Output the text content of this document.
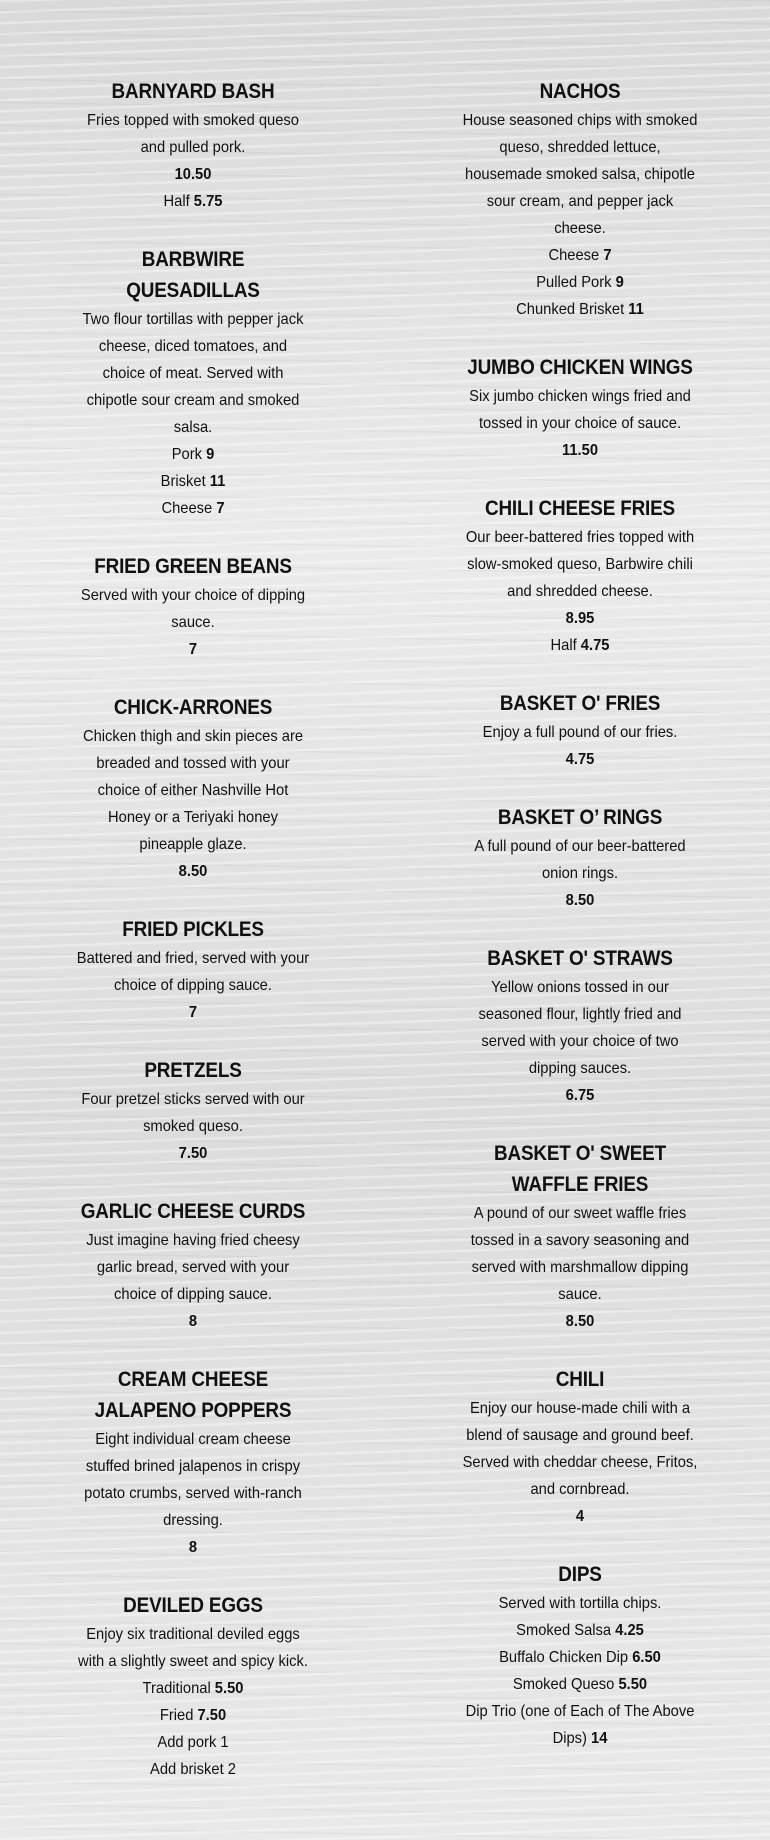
BARNYARD BASH
Fries topped with smoked queso and pulled pork.
10.50
Half 5.75
BARBWIRE QUESADILLAS
Two flour tortillas with pepper jack cheese, diced tomatoes, and choice of meat. Served with chipotle sour cream and smoked salsa.
Pork 9
Brisket 11
Cheese 7
FRIED GREEN BEANS
Served with your choice of dipping sauce.
7
CHICK-ARRONES
Chicken thigh and skin pieces are breaded and tossed with your choice of either Nashville Hot Honey or a Teriyaki honey pineapple glaze.
8.50
FRIED PICKLES
Battered and fried, served with your choice of dipping sauce.
7
PRETZELS
Four pretzel sticks served with our smoked queso.
7.50
GARLIC CHEESE CURDS
Just imagine having fried cheesy garlic bread, served with your choice of dipping sauce.
8
CREAM CHEESE JALAPENO POPPERS
Eight individual cream cheese stuffed brined jalapenos in crispy potato crumbs, served with-ranch dressing.
8
DEVILED EGGS
Enjoy six traditional deviled eggs with a slightly sweet and spicy kick.
Traditional 5.50
Fried 7.50
Add pork 1
Add brisket 2
NACHOS
House seasoned chips with smoked queso, shredded lettuce, housemade smoked salsa, chipotle sour cream, and pepper jack cheese.
Cheese 7
Pulled Pork 9
Chunked Brisket 11
JUMBO CHICKEN WINGS
Six jumbo chicken wings fried and tossed in your choice of sauce.
11.50
CHILI CHEESE FRIES
Our beer-battered fries topped with slow-smoked queso, Barbwire chili and shredded cheese.
8.95
Half 4.75
BASKET O' FRIES
Enjoy a full pound of our fries.
4.75
BASKET O’ RINGS
A full pound of our beer-battered onion rings.
8.50
BASKET O' STRAWS
Yellow onions tossed in our seasoned flour, lightly fried and served with your choice of two dipping sauces.
6.75
BASKET O' SWEET WAFFLE FRIES
A pound of our sweet waffle fries tossed in a savory seasoning and served with marshmallow dipping sauce.
8.50
CHILI
Enjoy our house-made chili with a blend of sausage and ground beef. Served with cheddar cheese, Fritos, and cornbread.
4
DIPS
Served with tortilla chips.
Smoked Salsa 4.25
Buffalo Chicken Dip 6.50
Smoked Queso 5.50
Dip Trio (one of Each of The Above Dips) 14
